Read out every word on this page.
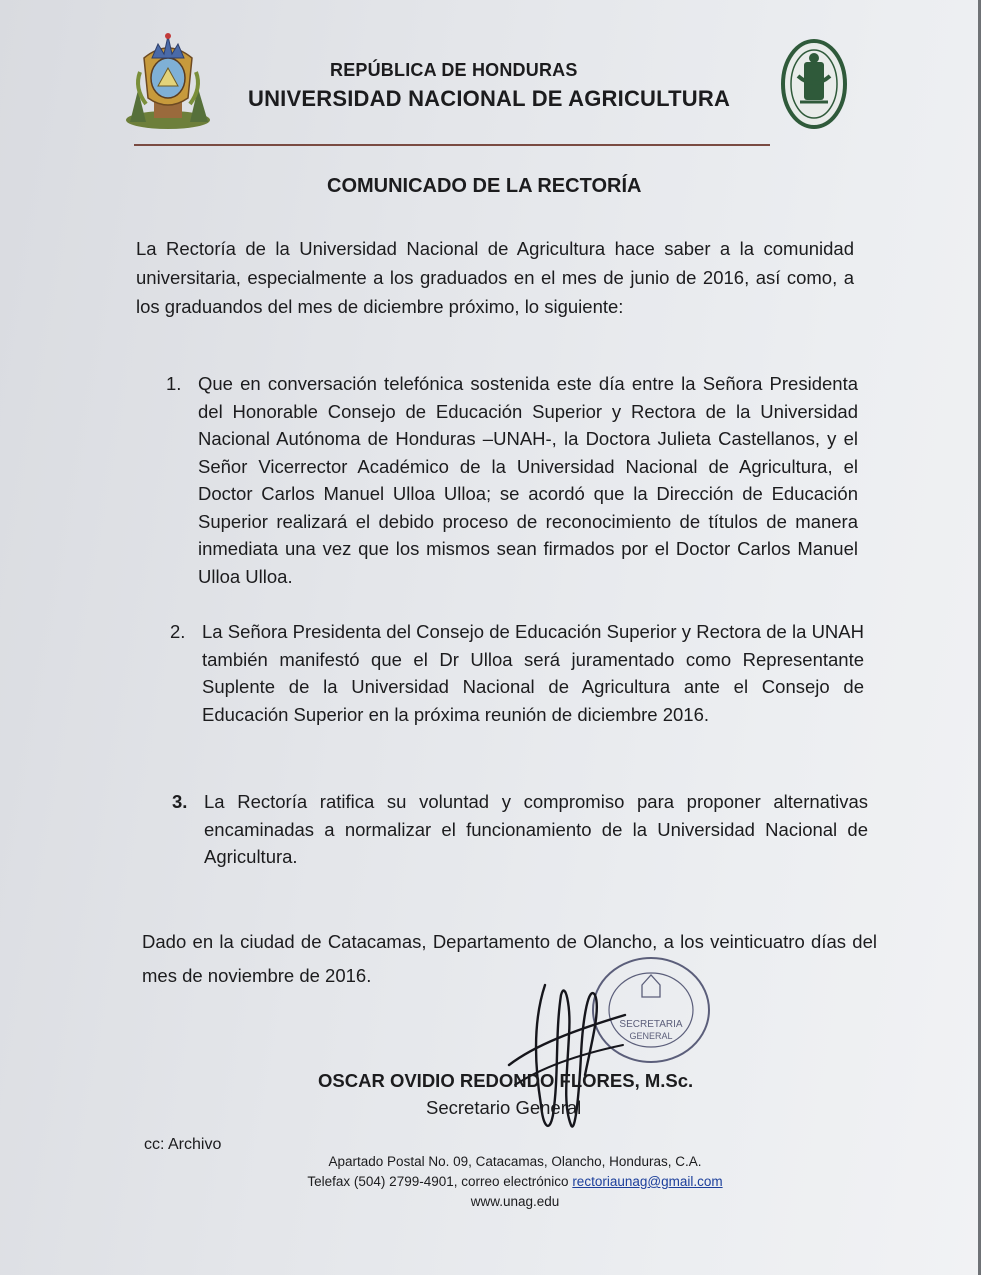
REPÚBLICA DE HONDURAS
UNIVERSIDAD NACIONAL DE AGRICULTURA
COMUNICADO DE LA RECTORÍA
La Rectoría de la Universidad Nacional de Agricultura hace saber a la comunidad universitaria, especialmente a los graduados en el mes de junio de 2016, así como, a los graduandos del mes de diciembre próximo, lo siguiente:
1. Que en conversación telefónica sostenida este día entre la Señora Presidenta del Honorable Consejo de Educación Superior y Rectora de la Universidad Nacional Autónoma de Honduras –UNAH-, la Doctora Julieta Castellanos, y el Señor Vicerrector Académico de la Universidad Nacional de Agricultura, el Doctor Carlos Manuel Ulloa Ulloa; se acordó que la Dirección de Educación Superior realizará el debido proceso de reconocimiento de títulos de manera inmediata una vez que los mismos sean firmados por el Doctor Carlos Manuel Ulloa Ulloa.
2. La Señora Presidenta del Consejo de Educación Superior y Rectora de la UNAH también manifestó que el Dr Ulloa será juramentado como Representante Suplente de la Universidad Nacional de Agricultura ante el Consejo de Educación Superior en la próxima reunión de diciembre 2016.
3. La Rectoría ratifica su voluntad y compromiso para proponer alternativas encaminadas a normalizar el funcionamiento de la Universidad Nacional de Agricultura.
Dado en la ciudad de Catacamas, Departamento de Olancho, a los veinticuatro días del mes de noviembre de 2016.
SECRETARIA
GENERAL
OSCAR OVIDIO REDONDO FLORES, M.Sc.
Secretario General
cc: Archivo
Apartado Postal No. 09, Catacamas, Olancho, Honduras, C.A.
Telefax (504) 2799-4901, correo electrónico rectoriaunag@gmail.com
www.unag.edu
